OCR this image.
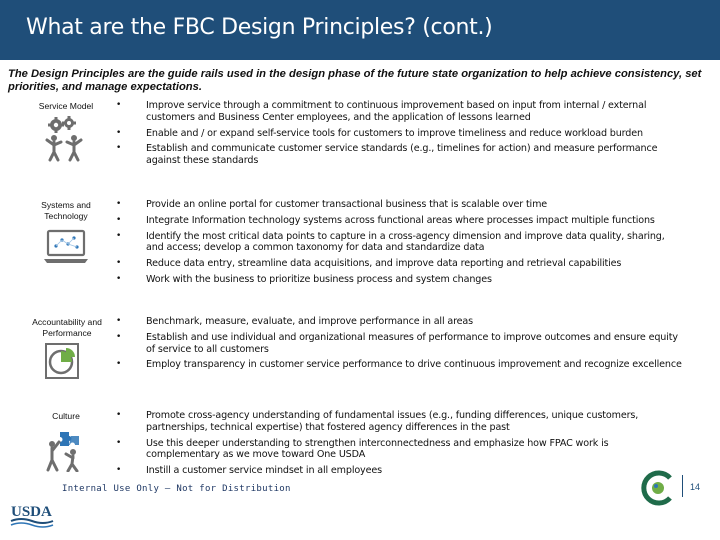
What are the FBC Design Principles? (cont.)
The Design Principles are the guide rails used in the design phase of the future state organization to help achieve consistency, set priorities, and manage expectations.
Service Model	•	Improve service through a commitment to continuous improvement based on input from internal / external customers and Business Center employees, and the application of lessons learned
•	Enable and / or expand self-service tools for customers to improve timeliness and reduce workload burden
•	Establish and communicate customer service standards (e.g., timelines for action) and measure performance against these standards
Systems and Technology
•	Provide an online portal for customer transactional business that is scalable over time
•	Integrate Information technology systems across functional areas where processes impact multiple functions
•	Identify the most critical data points to capture in a cross-agency dimension and improve data quality, sharing, and access; develop a common taxonomy for data and standardize data
•	Reduce data entry, streamline data acquisitions, and improve data reporting and retrieval capabilities
•	Work with the business to prioritize business process and system changes
Accountability and Performance
•	Benchmark, measure, evaluate, and improve performance in all areas
•	Establish and use individual and organizational measures of performance to improve outcomes and ensure equity of service to all customers
•	Employ transparency in customer service performance to drive continuous improvement and recognize excellence
Culture	•	Promote cross-agency understanding of fundamental issues (e.g., funding differences, unique customers, partnerships, technical expertise) that fostered agency differences in the past
•	Use this deeper understanding to strengthen interconnectedness and emphasize how FPAC work is complementary as we move toward One USDA
•	Instill a customer service mindset in all employees
USDA
Internal Use Only – Not for Distribution	14
